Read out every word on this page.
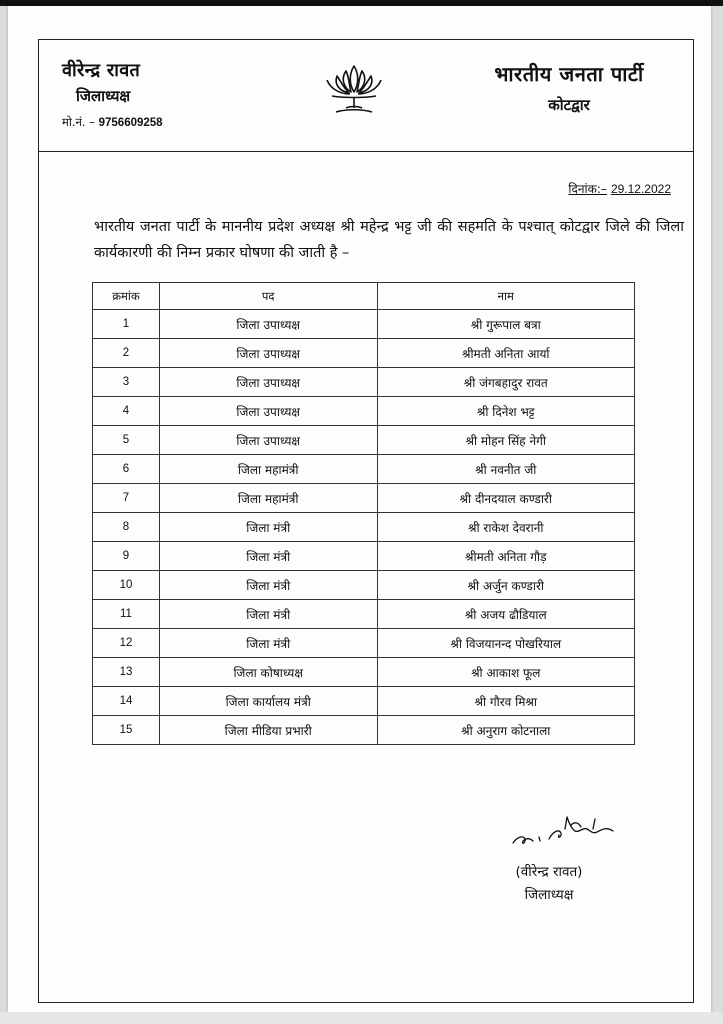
वीरेन्द्र रावत
जिलाध्यक्ष
मो.नं. – 9756609258
भारतीय जनता पार्टी
कोटद्वार
दिनांक:– 29.12.2022
भारतीय जनता पार्टी के माननीय प्रदेश अध्यक्ष श्री महेन्द्र भट्ट जी की सहमति के पश्चात् कोटद्वार जिले की जिला कार्यकारणी की निम्न प्रकार घोषणा की जाती है –
क्रमांक	पद	नाम
1	जिला उपाध्यक्ष	श्री गुरूपाल बत्रा
2	जिला उपाध्यक्ष	श्रीमती अनिता आर्या
3	जिला उपाध्यक्ष	श्री जंगबहादुर रावत
4	जिला उपाध्यक्ष	श्री दिनेश भट्ट
5	जिला उपाध्यक्ष	श्री मोहन सिंह नेगी
6	जिला महामंत्री	श्री नवनीत जी
7	जिला महामंत्री	श्री दीनदयाल कण्डारी
8	जिला मंत्री	श्री राकेश देवरानी
9	जिला मंत्री	श्रीमती अनिता गौड़
10	जिला मंत्री	श्री अर्जुन कण्डारी
11	जिला मंत्री	श्री अजय ढौडियाल
12	जिला मंत्री	श्री विजयानन्द पोखरियाल
13	जिला कोषाध्यक्ष	श्री आकाश फूल
14	जिला कार्यालय मंत्री	श्री गौरव मिश्रा
15	जिला मीडिया प्रभारी	श्री अनुराग कोटनाला
(वीरेन्द्र रावत)
जिलाध्यक्ष
